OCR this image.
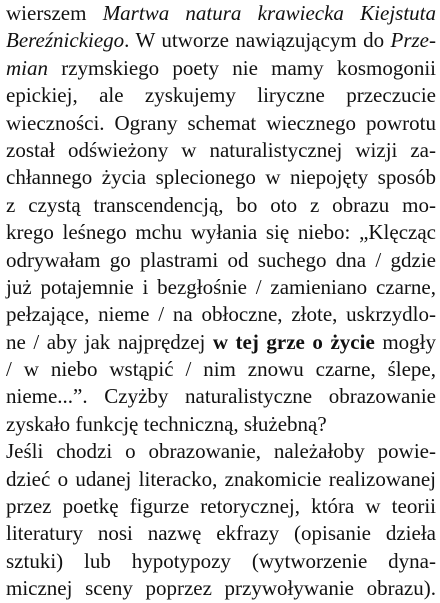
wierszem Martwa natura krawiecka Kiejstuta
Bereźnickiego. W utworze nawiązującym do Prze-
mian rzymskiego poety nie mamy kosmogonii
epickiej, ale zyskujemy liryczne przeczucie
wieczności. Ograny schemat wiecznego powrotu
został odświeżony w naturalistycznej wizji za-
chłannego życia splecionego w niepojęty sposób
z czystą transcendencją, bo oto z obrazu mo-
krego leśnego mchu wyłania się niebo: „Klęcząc
odrywałam go plastrami od suchego dna / gdzie
już potajemnie i bezgłośnie / zamieniano czarne,
pełzające, nieme / na obłoczne, złote, uskrzydlo-
ne / aby jak najprędzej w tej grze o życie mogły
/ w niebo wstąpić / nim znowu czarne, ślepe,
nieme...”. Czyżby naturalistyczne obrazowanie
zyskało funkcję techniczną, służebną?
Jeśli chodzi o obrazowanie, należałoby powie-
dzieć o udanej literacko, znakomicie realizowanej
przez poetkę figurze retorycznej, która w teorii
literatury nosi nazwę ekfrazy (opisanie dzieła
sztuki) lub hypotypozy (wytworzenie dyna-
micznej sceny poprzez przywoływanie obrazu).
